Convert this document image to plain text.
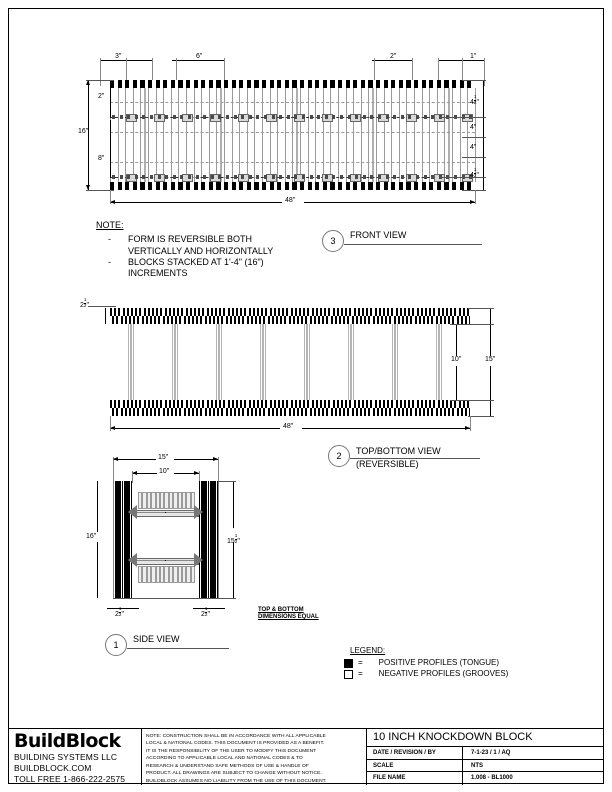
3"	6"	2"	1"
16"
2"
8"
$4 \frac{1}{2}$ "
4"
4"
$4 \frac{1}{2}$ "
48"
NOTE:
-	FORM IS REVERSIBLE BOTH
VERTICALLY AND HORIZONTALLY
-	BLOCKS STACKED AT 1'-4" (16")
INCREMENTS
3
FRONT VIEW
$2 \frac{1}{2}$ "
10"	15"
48"
2 TOP/BOTTOM VIEW
(REVERSIBLE)
15"
10"
16"
$15 \frac{1}{2}$ "
$2 \frac{1}{2}$ "	$2 \frac{1}{2}$ "
TOP & BOTTOM
DIMENSIONS EQUAL
1
SIDE VIEW
LEGEND:
= POSITIVE PROFILES (TONGUE)
= NEGATIVE PROFILES (GROOVES)
BuildBlock
BUILDING SYSTEMS LLC
BUILDBLOCK.COM
TOLL FREE 1-866-222-2575

NOTE: CONSTRUCTION SHALL BE IN ACCORDANCE WITH ALL APPLICABLE

LOCAL & NATIONAL CODES. THIS DOCUMENT IS PROVIDED AS A BENEFIT.

IT IS THE RESPONSIBILITY OF THE USER TO MODIFY THIS DOCUMENT

ACCORDING TO APPLICABLE LOCAL AND NATIONAL CODES & TO

RESEARCH & UNDERSTAND SAFE METHODS OF USE & HANDLE OF

PRODUCT. ALL DRAWINGS ARE SUBJECT TO CHANGE WITHOUT NOTICE.

BUILDBLOCK ASSUMES NO LIABILITY FROM THE USE OF THIS DOCUMENT.

10 INCH KNOCKDOWN BLOCK
DATE / REVISION / BY	7-1-23 / 1 / AQ
SCALE	NTS
FILE NAME	1.008 - BL1000
